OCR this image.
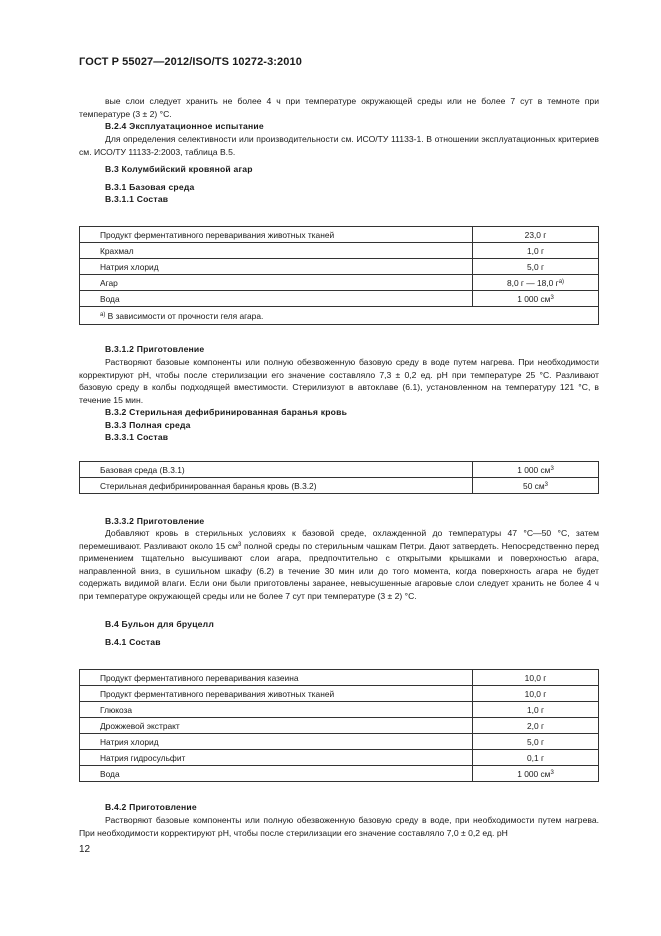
ГОСТ Р 55027—2012/ISO/TS 10272-3:2010
вые слои следует хранить не более 4 ч при температуре окружающей среды или не более 7 сут в темноте при температуре (3 ± 2) °С.
В.2.4 Эксплуатационное испытание
Для определения селективности или производительности см. ИСО/ТУ 11133-1. В отношении эксплуатационных критериев см. ИСО/ТУ 11133-2:2003, таблица В.5.
В.3 Колумбийский кровяной агар
В.3.1 Базовая среда
В.3.1.1 Состав
Продукт ферментативного переваривания животных тканей	23,0 г
Крахмал	1,0 г
Натрия хлорид	5,0 г
Агар	8,0 г — 18,0 $г^{а)}$
Вода	1 000 $см^3$
$^{а)}$ В зависимости от прочности геля агара.	
В.3.1.2 Приготовление
Растворяют базовые компоненты или полную обезвоженную базовую среду в воде путем нагрева. При необходимости корректируют рН, чтобы после стерилизации его значение составляло 7,3 ± 0,2 ед. рН при температуре 25 °С. Разливают базовую среду в колбы подходящей вместимости. Стерилизуют в автоклаве (6.1), установленном на температуру 121 °С, в течение 15 мин.
В.3.2 Стерильная дефибринированная баранья кровь
В.3.3 Полная среда
В.3.3.1 Состав
Базовая среда (В.3.1)	1 000 $см^3$
Стерильная дефибринированная баранья кровь (В.3.2)	50 $см^3$
В.3.3.2 Приготовление
Добавляют кровь в стерильных условиях к базовой среде, охлажденной до температуры 47 °С—50 °С, затем перемешивают. Разливают около 15 $см^3$ полной среды по стерильным чашкам Петри. Дают затвердеть. Непосредственно перед применением тщательно высушивают слои агара, предпочтительно с открытыми крышками и поверхностью агара, направленной вниз, в сушильном шкафу (6.2) в течение 30 мин или до того момента, когда поверхность агара не будет содержать видимой влаги. Если они были приготовлены заранее, невысушенные агаровые слои следует хранить не более 4 ч при температуре окружающей среды или не более 7 сут при температуре (3 ± 2) °С.
В.4 Бульон для бруцелл
В.4.1 Состав
Продукт ферментативного переваривания казеина	10,0 г
Продукт ферментативного переваривания животных тканей	10,0 г
Глюкоза	1,0 г
Дрожжевой экстракт	2,0 г
Натрия хлорид	5,0 г
Натрия гидросульфит	0,1 г
Вода	1 000 $см^3$
В.4.2 Приготовление
Растворяют базовые компоненты или полную обезвоженную базовую среду в воде, при необходимости путем нагрева. При необходимости корректируют рН, чтобы после стерилизации его значение составляло 7,0 ± 0,2 ед. рН
12
